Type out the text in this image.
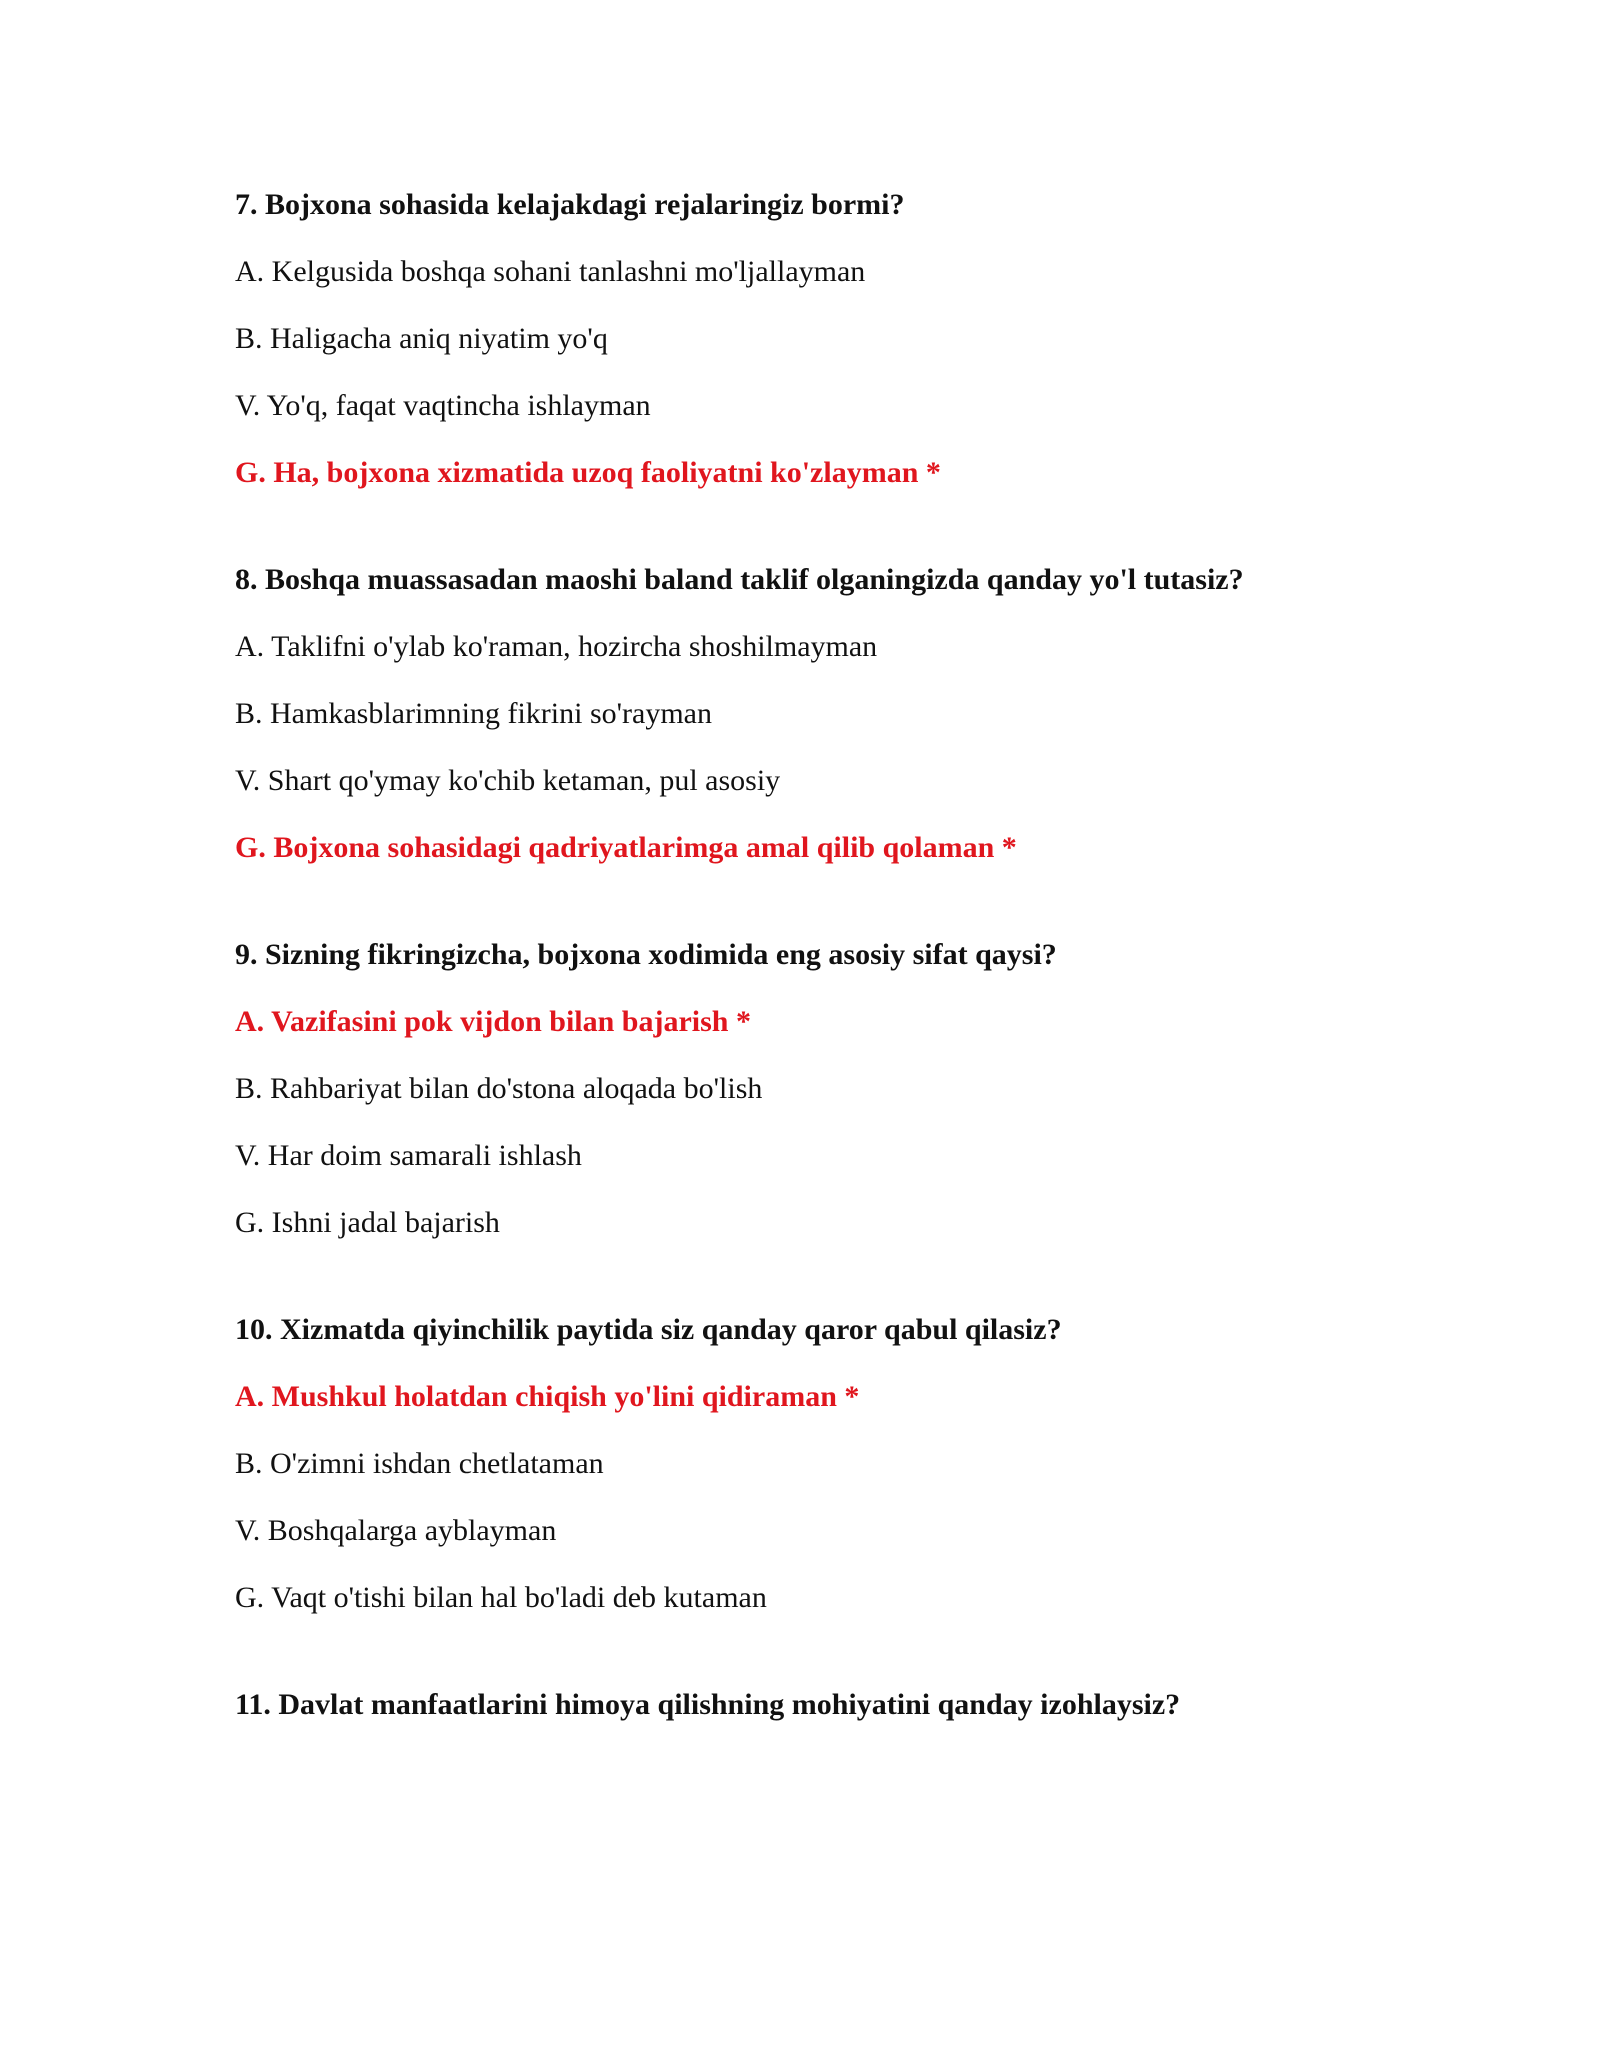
7. Bojxona sohasida kelajakdagi rejalaringiz bormi?
A. Kelgusida boshqa sohani tanlashni mo'ljallayman
B. Haligacha aniq niyatim yo'q
V. Yo'q, faqat vaqtincha ishlayman
G. Ha, bojxona xizmatida uzoq faoliyatni ko'zlayman *
8. Boshqa muassasadan maoshi baland taklif olganingizda qanday yo'l tutasiz?
A. Taklifni o'ylab ko'raman, hozircha shoshilmayman
B. Hamkasblarimning fikrini so'rayman
V. Shart qo'ymay ko'chib ketaman, pul asosiy
G. Bojxona sohasidagi qadriyatlarimga amal qilib qolaman *
9. Sizning fikringizcha, bojxona xodimida eng asosiy sifat qaysi?
A. Vazifasini pok vijdon bilan bajarish *
B. Rahbariyat bilan do'stona aloqada bo'lish
V. Har doim samarali ishlash
G. Ishni jadal bajarish
10. Xizmatda qiyinchilik paytida siz qanday qaror qabul qilasiz?
A. Mushkul holatdan chiqish yo'lini qidiraman *
B. O'zimni ishdan chetlataman
V. Boshqalarga ayblayman
G. Vaqt o'tishi bilan hal bo'ladi deb kutaman
11. Davlat manfaatlarini himoya qilishning mohiyatini qanday izohlaysiz?
